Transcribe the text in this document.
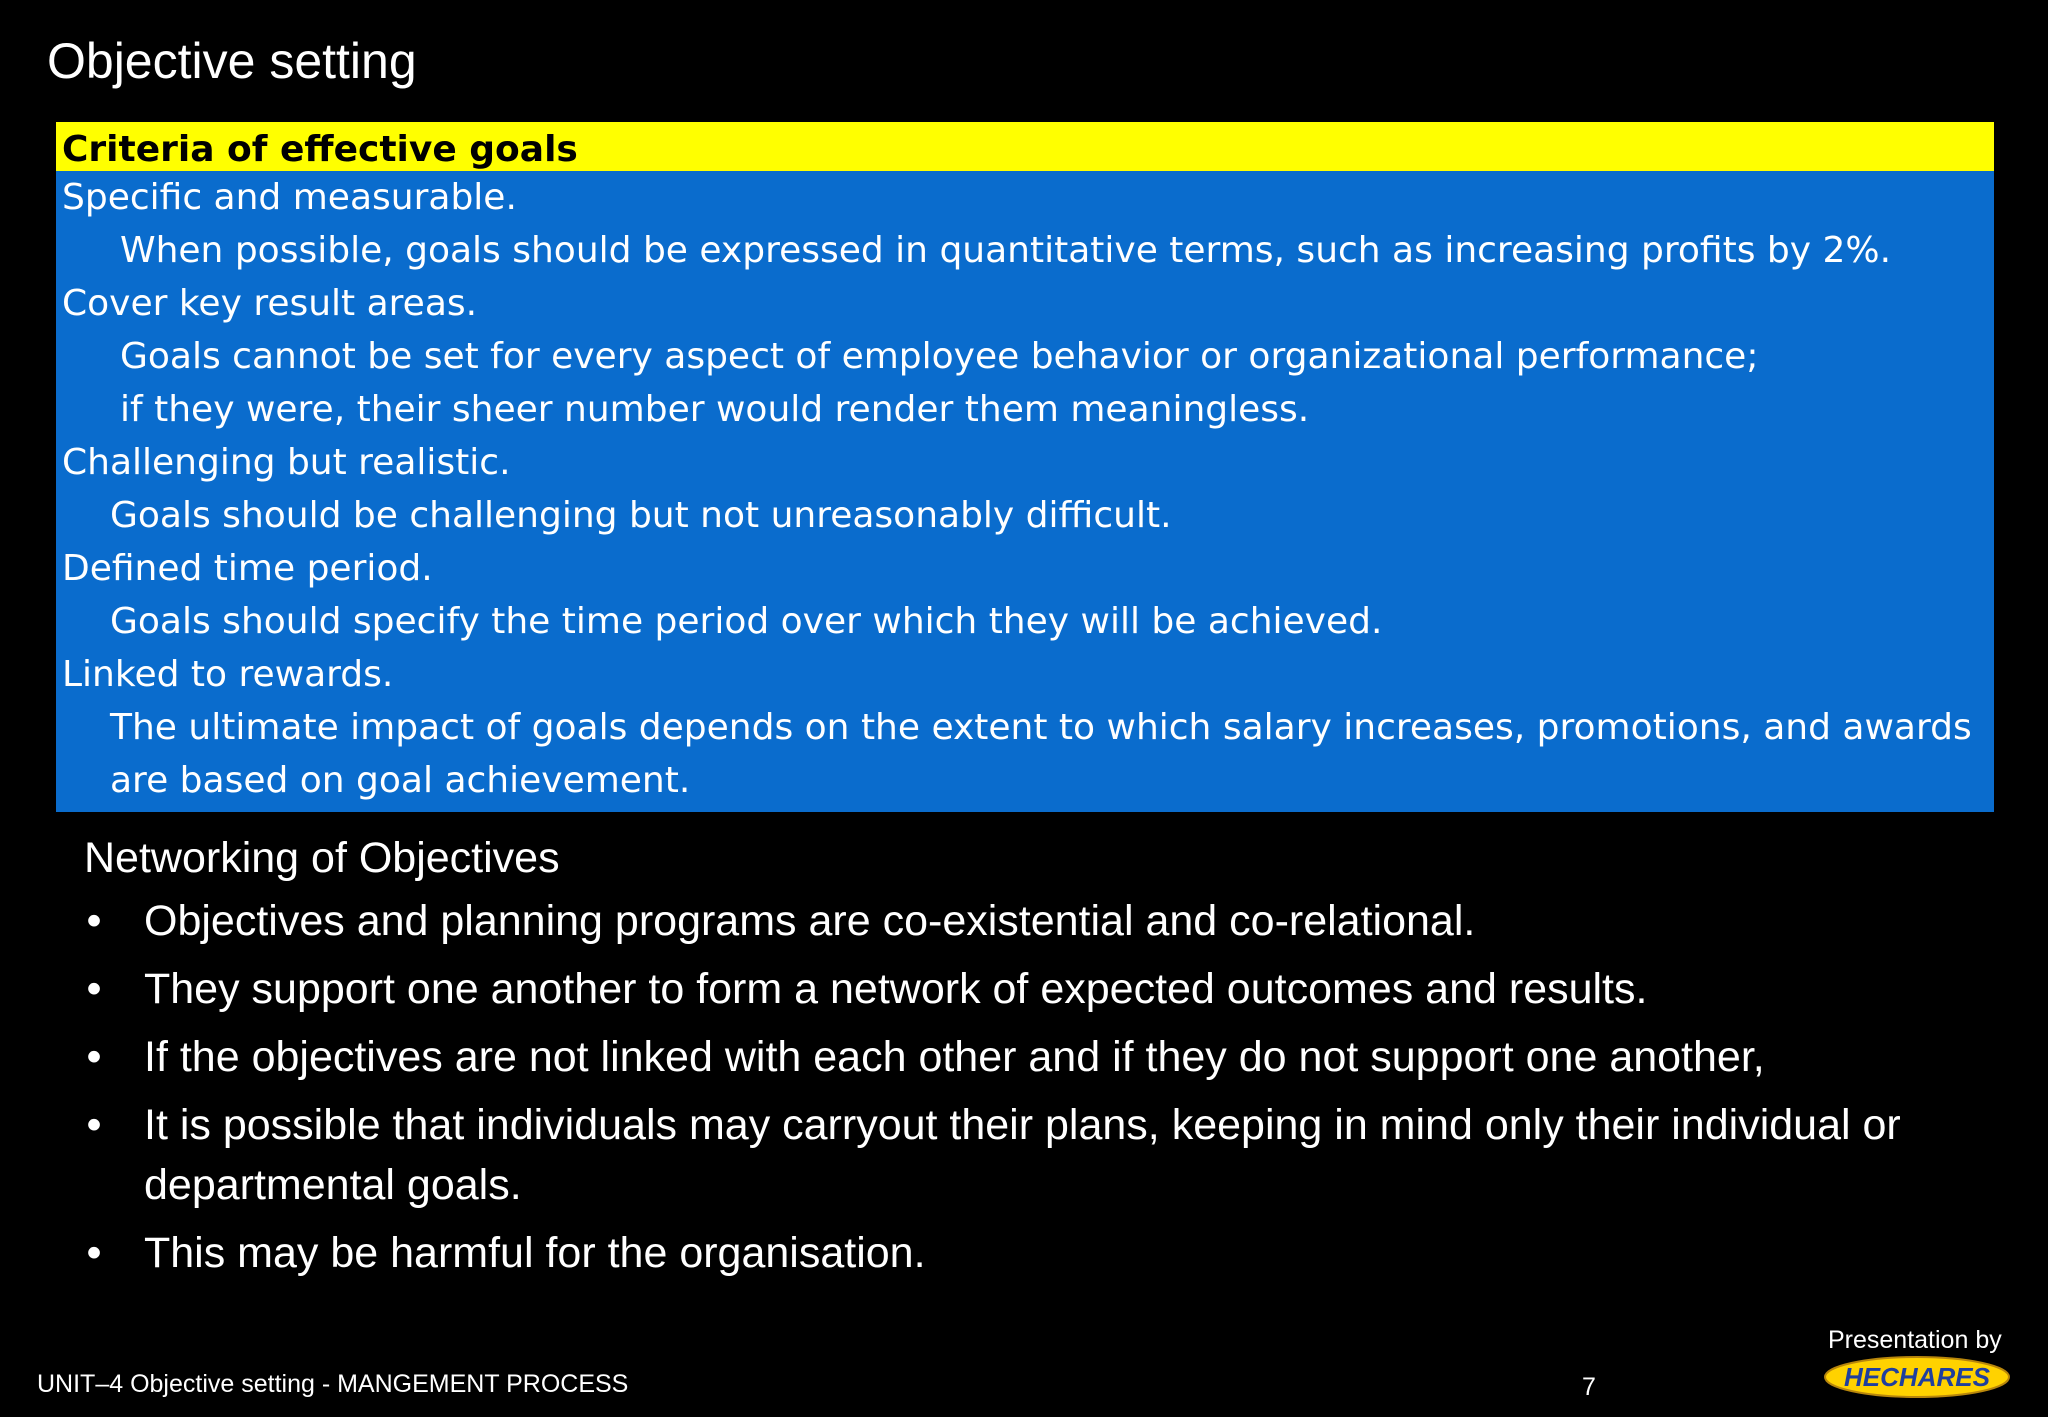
Objective setting
Criteria of effective goals
Specific and measurable.
When possible, goals should be expressed in quantitative terms, such as increasing profits by 2%.
Cover key result areas.
Goals cannot be set for every aspect of employee behavior or organizational performance;
if they were, their sheer number would render them meaningless.
Challenging but realistic.
Goals should be challenging but not unreasonably difficult.
Defined time period.
Goals should specify the time period over which they will be achieved.
Linked to rewards.
The ultimate impact of goals depends on the extent to which salary increases, promotions, and awards
are based on goal achievement.
Networking of Objectives
• Objectives and planning programs are co-existential and co-relational.
• They support one another to form a network of expected outcomes and results.
• If the objectives are not linked with each other and if they do not support one another,
• It is possible that individuals may carryout their plans, keeping in mind only their individual or departmental goals.
• This may be harmful for the organisation.
UNIT–4 Objective setting - MANGEMENT PROCESS	7
Presentation by
HECHARES
